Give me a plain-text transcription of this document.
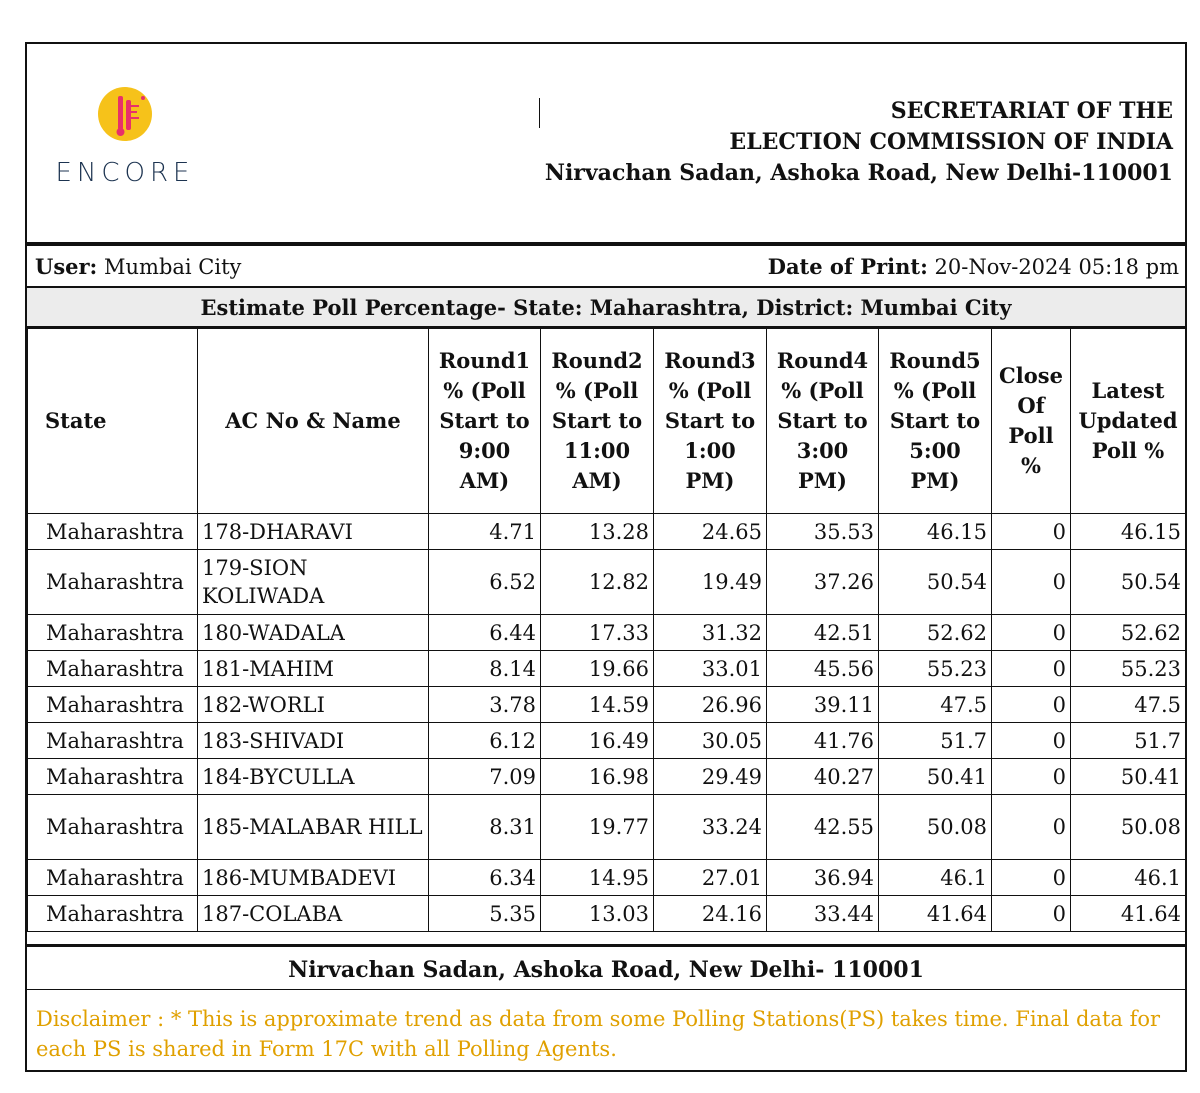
ENCORE
SECRETARIAT OF THE
ELECTION COMMISSION OF INDIA
Nirvachan Sadan, Ashoka Road, New Delhi-110001
User: Mumbai City	Date of Print: 20-Nov-2024 05:18 pm
Estimate Poll Percentage- State: Maharashtra, District: Mumbai City
State	AC No & Name	Round1 % (Poll Start to 9:00 AM)	Round2 % (Poll Start to 11:00 AM)	Round3 % (Poll Start to 1:00 PM)	Round4 % (Poll Start to 3:00 PM)	Round5 % (Poll Start to 5:00 PM)	Close Of Poll %	Latest Updated Poll %
Maharashtra	178-DHARAVI	4.71	13.28	24.65	35.53	46.15	0	46.15
Maharashtra	179-SION KOLIWADA	6.52	12.82	19.49	37.26	50.54	0	50.54
Maharashtra	180-WADALA	6.44	17.33	31.32	42.51	52.62	0	52.62
Maharashtra	181-MAHIM	8.14	19.66	33.01	45.56	55.23	0	55.23
Maharashtra	182-WORLI	3.78	14.59	26.96	39.11	47.5	0	47.5
Maharashtra	183-SHIVADI	6.12	16.49	30.05	41.76	51.7	0	51.7
Maharashtra	184-BYCULLA	7.09	16.98	29.49	40.27	50.41	0	50.41
Maharashtra	185-MALABAR HILL	8.31	19.77	33.24	42.55	50.08	0	50.08
Maharashtra	186-MUMBADEVI	6.34	14.95	27.01	36.94	46.1	0	46.1
Maharashtra	187-COLABA	5.35	13.03	24.16	33.44	41.64	0	41.64
Nirvachan Sadan, Ashoka Road, New Delhi- 110001
Disclaimer : * This is approximate trend as data from some Polling Stations(PS) takes time. Final data for each PS is shared in Form 17C with all Polling Agents.
